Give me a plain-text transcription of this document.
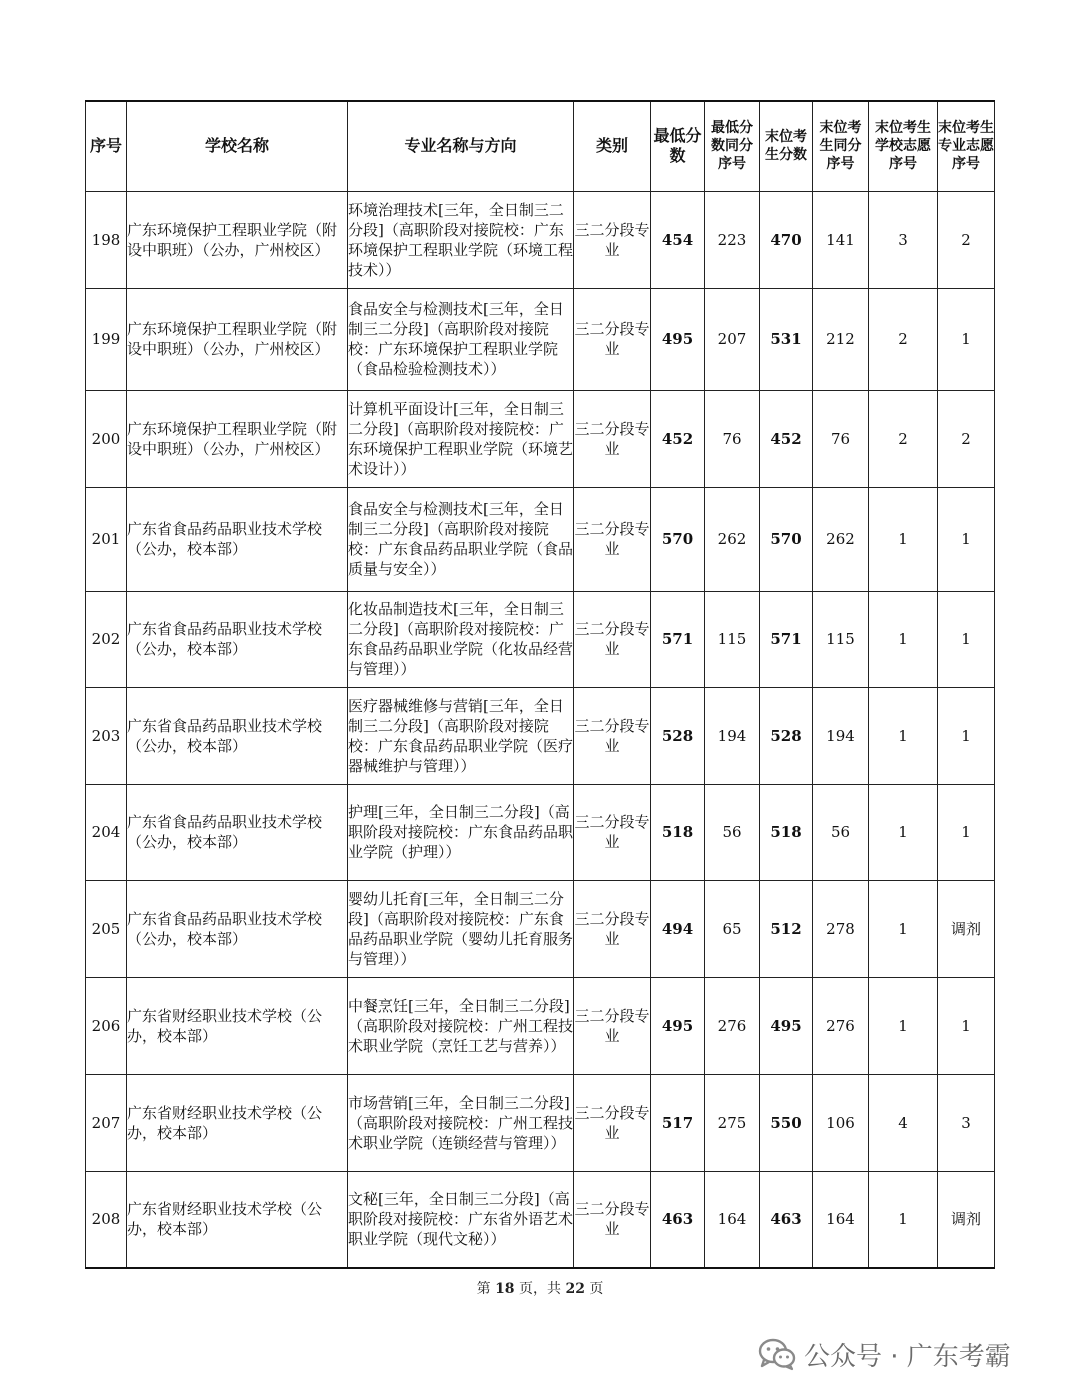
序号	学校名称	专业名称与方向	类别	最低分数	最低分数同分序号	末位考生分数	末位考生同分序号	末位考生学校志愿序号	末位考生专业志愿序号
198	广东环境保护工程职业学院（附设中职班）（公办，广州校区）	环境治理技术[三年，全日制三二分段]（高职阶段对接院校：广东环境保护工程职业学院（环境工程技术））	三二分段专业	454	223	470	141	3	2
199	广东环境保护工程职业学院（附设中职班）（公办，广州校区）	食品安全与检测技术[三年，全日制三二分段]（高职阶段对接院校：广东环境保护工程职业学院（食品检验检测技术））	三二分段专业	495	207	531	212	2	1
200	广东环境保护工程职业学院（附设中职班）（公办，广州校区）	计算机平面设计[三年，全日制三二分段]（高职阶段对接院校：广东环境保护工程职业学院（环境艺术设计））	三二分段专业	452	76	452	76	2	2
201	广东省食品药品职业技术学校（公办，校本部）	食品安全与检测技术[三年，全日制三二分段]（高职阶段对接院校：广东食品药品职业学院（食品质量与安全））	三二分段专业	570	262	570	262	1	1
202	广东省食品药品职业技术学校（公办，校本部）	化妆品制造技术[三年，全日制三二分段]（高职阶段对接院校：广东食品药品职业学院（化妆品经营与管理））	三二分段专业	571	115	571	115	1	1
203	广东省食品药品职业技术学校（公办，校本部）	医疗器械维修与营销[三年，全日制三二分段]（高职阶段对接院校：广东食品药品职业学院（医疗器械维护与管理））	三二分段专业	528	194	528	194	1	1
204	广东省食品药品职业技术学校（公办，校本部）	护理[三年，全日制三二分段]（高职阶段对接院校：广东食品药品职业学院（护理））	三二分段专业	518	56	518	56	1	1
205	广东省食品药品职业技术学校（公办，校本部）	婴幼儿托育[三年，全日制三二分段]（高职阶段对接院校：广东食品药品职业学院（婴幼儿托育服务与管理））	三二分段专业	494	65	512	278	1	调剂
206	广东省财经职业技术学校（公办，校本部）	中餐烹饪[三年，全日制三二分段]（高职阶段对接院校：广州工程技术职业学院（烹饪工艺与营养））	三二分段专业	495	276	495	276	1	1
207	广东省财经职业技术学校（公办，校本部）	市场营销[三年，全日制三二分段]（高职阶段对接院校：广州工程技术职业学院（连锁经营与管理））	三二分段专业	517	275	550	106	4	3
208	广东省财经职业技术学校（公办，校本部）	文秘[三年，全日制三二分段]（高职阶段对接院校：广东省外语艺术职业学院（现代文秘））	三二分段专业	463	164	463	164	1	调剂
第 18 页，共 22 页
公众号 · 广东考霸
